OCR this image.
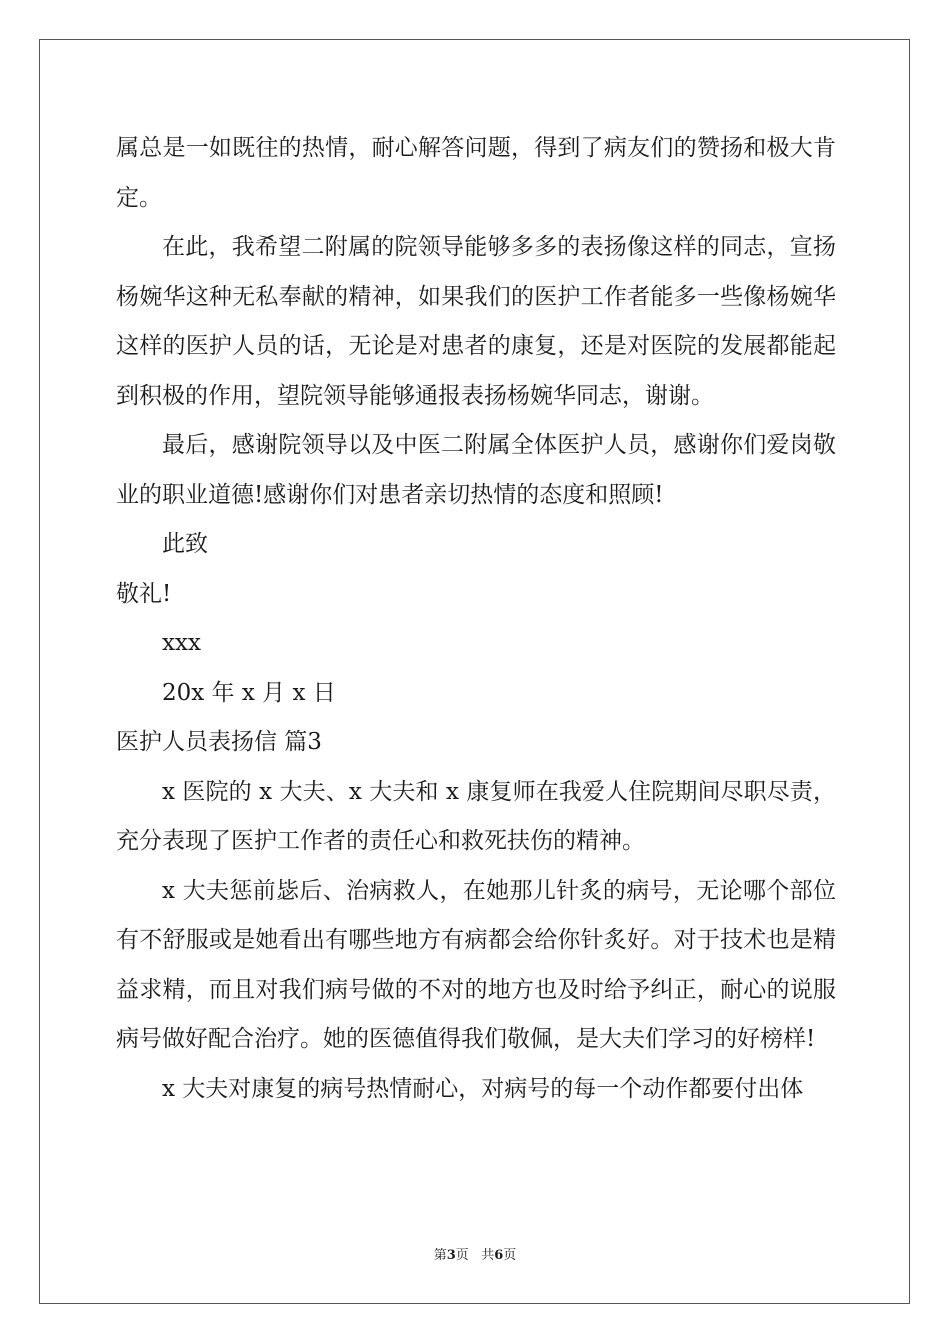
属总是一如既往的热情，耐心解答问题，得到了病友们的赞扬和极大肯定。

在此，我希望二附属的院领导能够多多的表扬像这样的同志，宣扬杨婉华这种无私奉献的精神，如果我们的医护工作者能多一些像杨婉华这样的医护人员的话，无论是对患者的康复，还是对医院的发展都能起到积极的作用，望院领导能够通报表扬杨婉华同志，谢谢。

最后，感谢院领导以及中医二附属全体医护人员，感谢你们爱岗敬业的职业道德!感谢你们对患者亲切热情的态度和照顾!

此致

敬礼!

xxx

20x 年 x 月 x 日

医护人员表扬信 篇3

x 医院的 x 大夫、x 大夫和 x 康复师在我爱人住院期间尽职尽责，充分表现了医护工作者的责任心和救死扶伤的精神。

x 大夫惩前毖后、治病救人，在她那儿针炙的病号，无论哪个部位有不舒服或是她看出有哪些地方有病都会给你针炙好。对于技术也是精益求精，而且对我们病号做的不对的地方也及时给予纠正，耐心的说服病号做好配合治疗。她的医德值得我们敬佩，是大夫们学习的好榜样!

x 大夫对康复的病号热情耐心，对病号的每一个动作都要付出体

第3页 共6页
